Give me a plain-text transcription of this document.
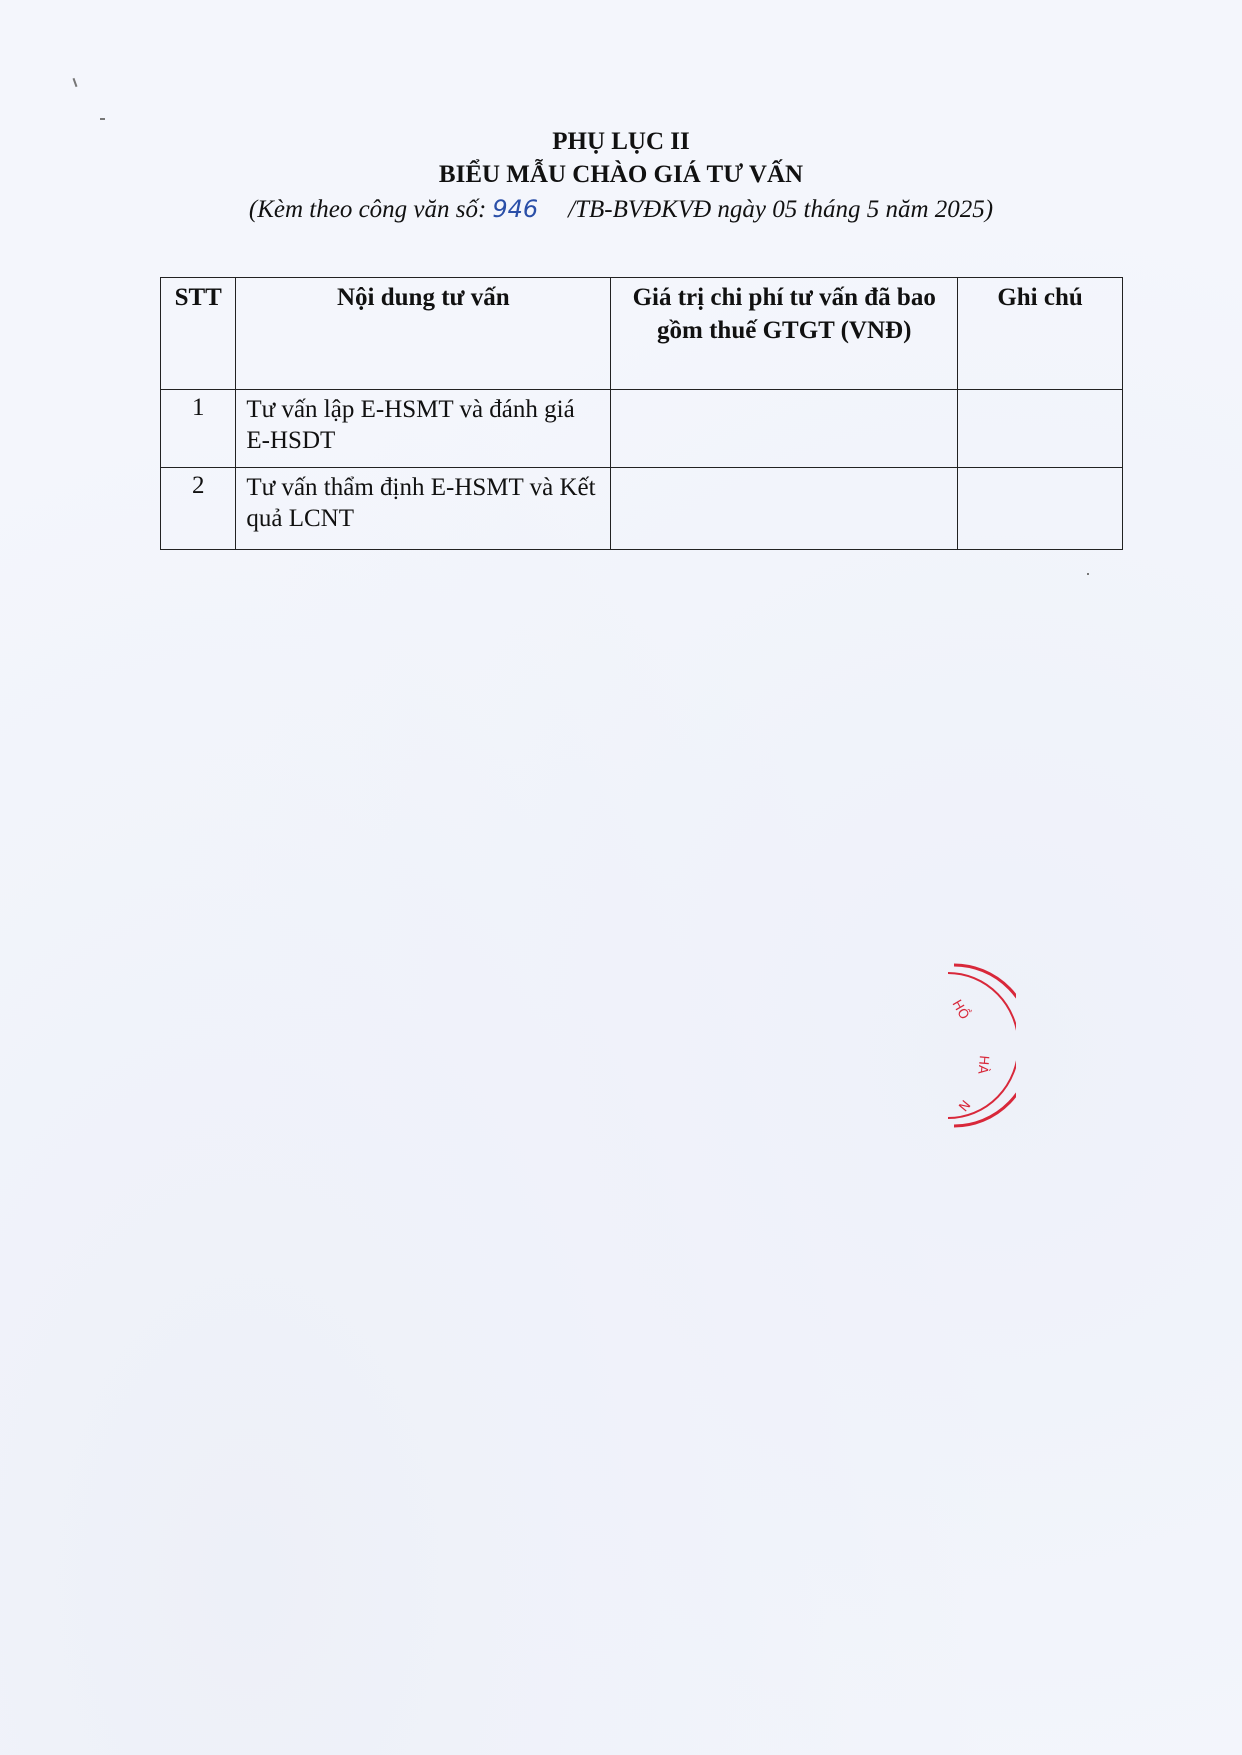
PHỤ LỤC II
BIỂU MẪU CHÀO GIÁ TƯ VẤN
(Kèm theo công văn số: 946 /TB-BVĐKVĐ ngày 05 tháng 5 năm 2025)
STT	Nội dung tư vấn	Giá trị chi phí tư vấn đã bao gồm thuế GTGT (VNĐ)	Ghi chú
1	Tư vấn lập E-HSMT và đánh giá E-HSDT		
2	Tư vấn thẩm định E-HSMT và Kết quả LCNT		
HỒ
HÀ
N
